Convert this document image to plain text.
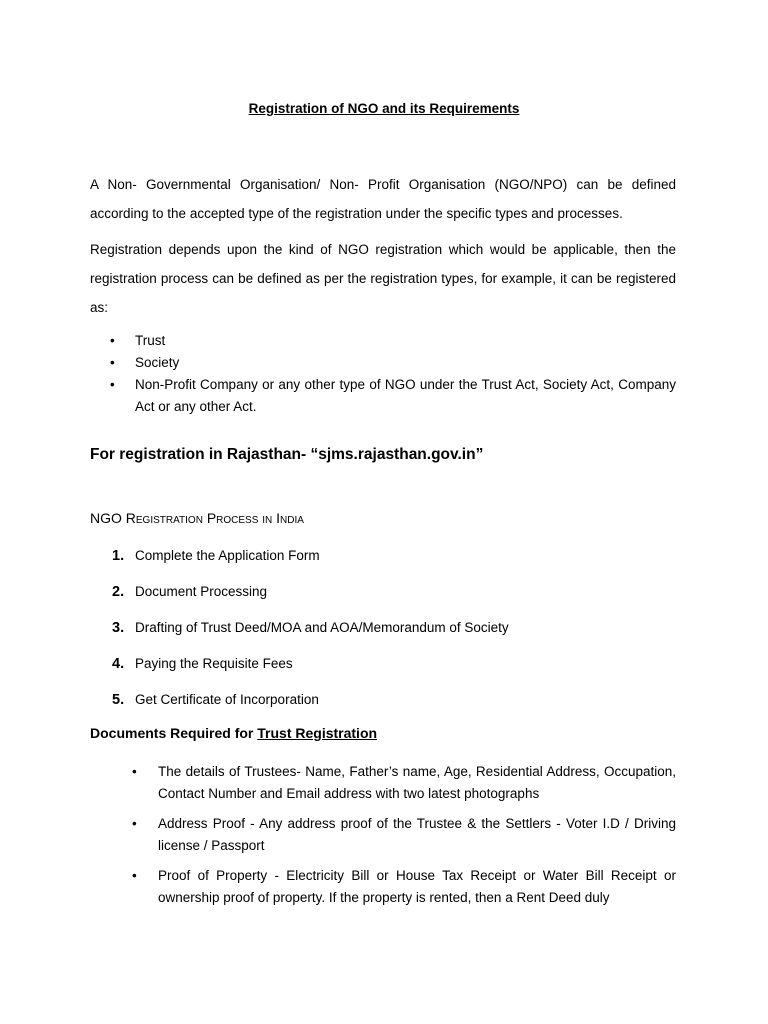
Registration of NGO and its Requirements

A Non- Governmental Organisation/ Non- Profit Organisation (NGO/NPO) can be defined according to the accepted type of the registration under the specific types and processes.

Registration depends upon the kind of NGO registration which would be applicable, then the registration process can be defined as per the registration types, for example, it can be registered as:

• Trust
• Society
• Non-Profit Company or any other type of NGO under the Trust Act, Society Act, Company Act or any other Act.

For registration in Rajasthan- “sjms.rajasthan.gov.in”

NGO Registration Process in India

1. Complete the Application Form
2. Document Processing
3. Drafting of Trust Deed/MOA and AOA/Memorandum of Society
4. Paying the Requisite Fees
5. Get Certificate of Incorporation

Documents Required for Trust Registration

• The details of Trustees- Name, Father’s name, Age, Residential Address, Occupation, Contact Number and Email address with two latest photographs
• Address Proof - Any address proof of the Trustee & the Settlers - Voter I.D / Driving license / Passport
• Proof of Property - Electricity Bill or House Tax Receipt or Water Bill Receipt or ownership proof of property. If the property is rented, then a Rent Deed duly
